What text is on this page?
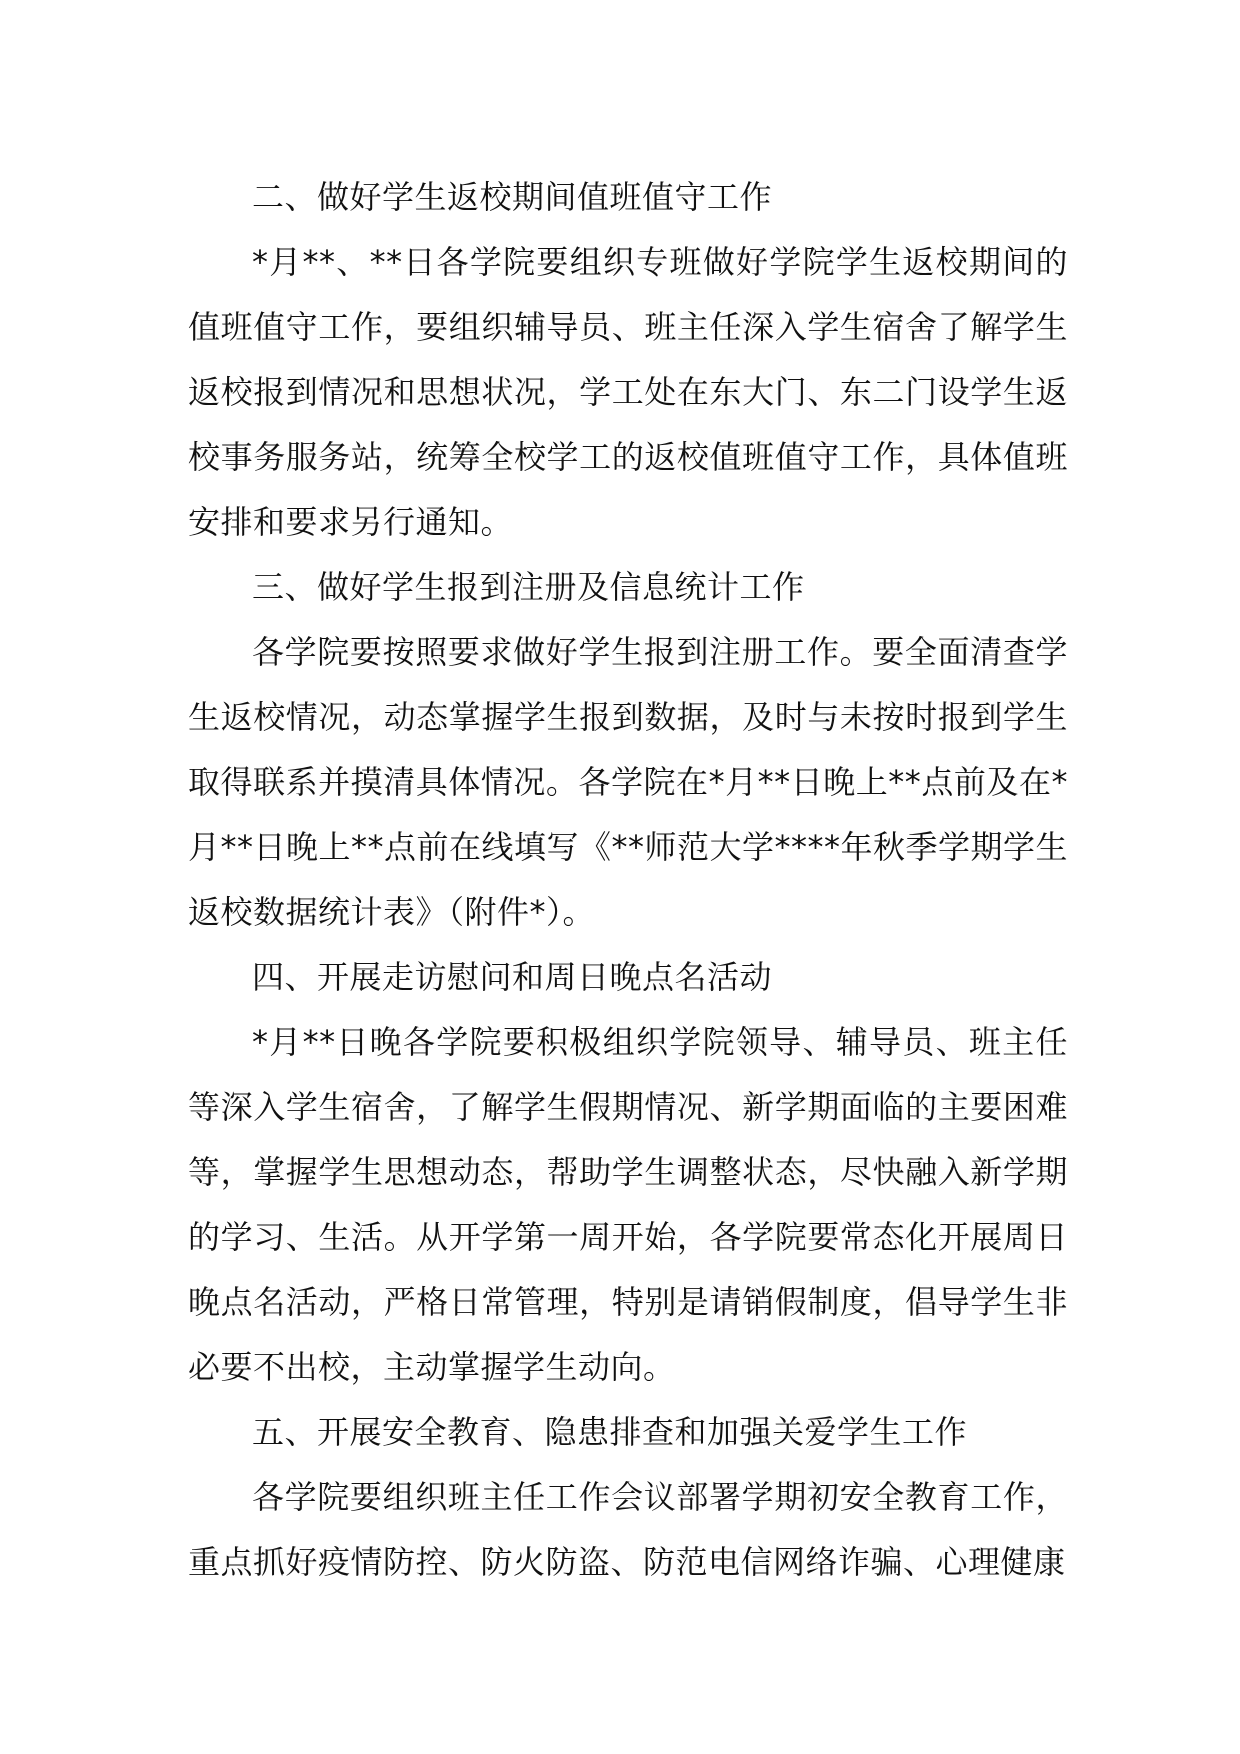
二、做好学生返校期间值班值守工作

*月**、**日各学院要组织专班做好学院学生返校期间的值班值守工作，要组织辅导员、班主任深入学生宿舍了解学生返校报到情况和思想状况，学工处在东大门、东二门设学生返校事务服务站，统筹全校学工的返校值班值守工作，具体值班安排和要求另行通知。

三、做好学生报到注册及信息统计工作

各学院要按照要求做好学生报到注册工作。要全面清查学生返校情况，动态掌握学生报到数据，及时与未按时报到学生取得联系并摸清具体情况。各学院在*月**日晚上**点前及在*月**日晚上**点前在线填写《**师范大学****年秋季学期学生返校数据统计表》（附件*）。

四、开展走访慰问和周日晚点名活动

*月**日晚各学院要积极组织学院领导、辅导员、班主任等深入学生宿舍，了解学生假期情况、新学期面临的主要困难等，掌握学生思想动态，帮助学生调整状态，尽快融入新学期的学习、生活。从开学第一周开始，各学院要常态化开展周日晚点名活动，严格日常管理，特别是请销假制度，倡导学生非必要不出校，主动掌握学生动向。

五、开展安全教育、隐患排查和加强关爱学生工作

各学院要组织班主任工作会议部署学期初安全教育工作，重点抓好疫情防控、防火防盗、防范电信网络诈骗、心理健康
